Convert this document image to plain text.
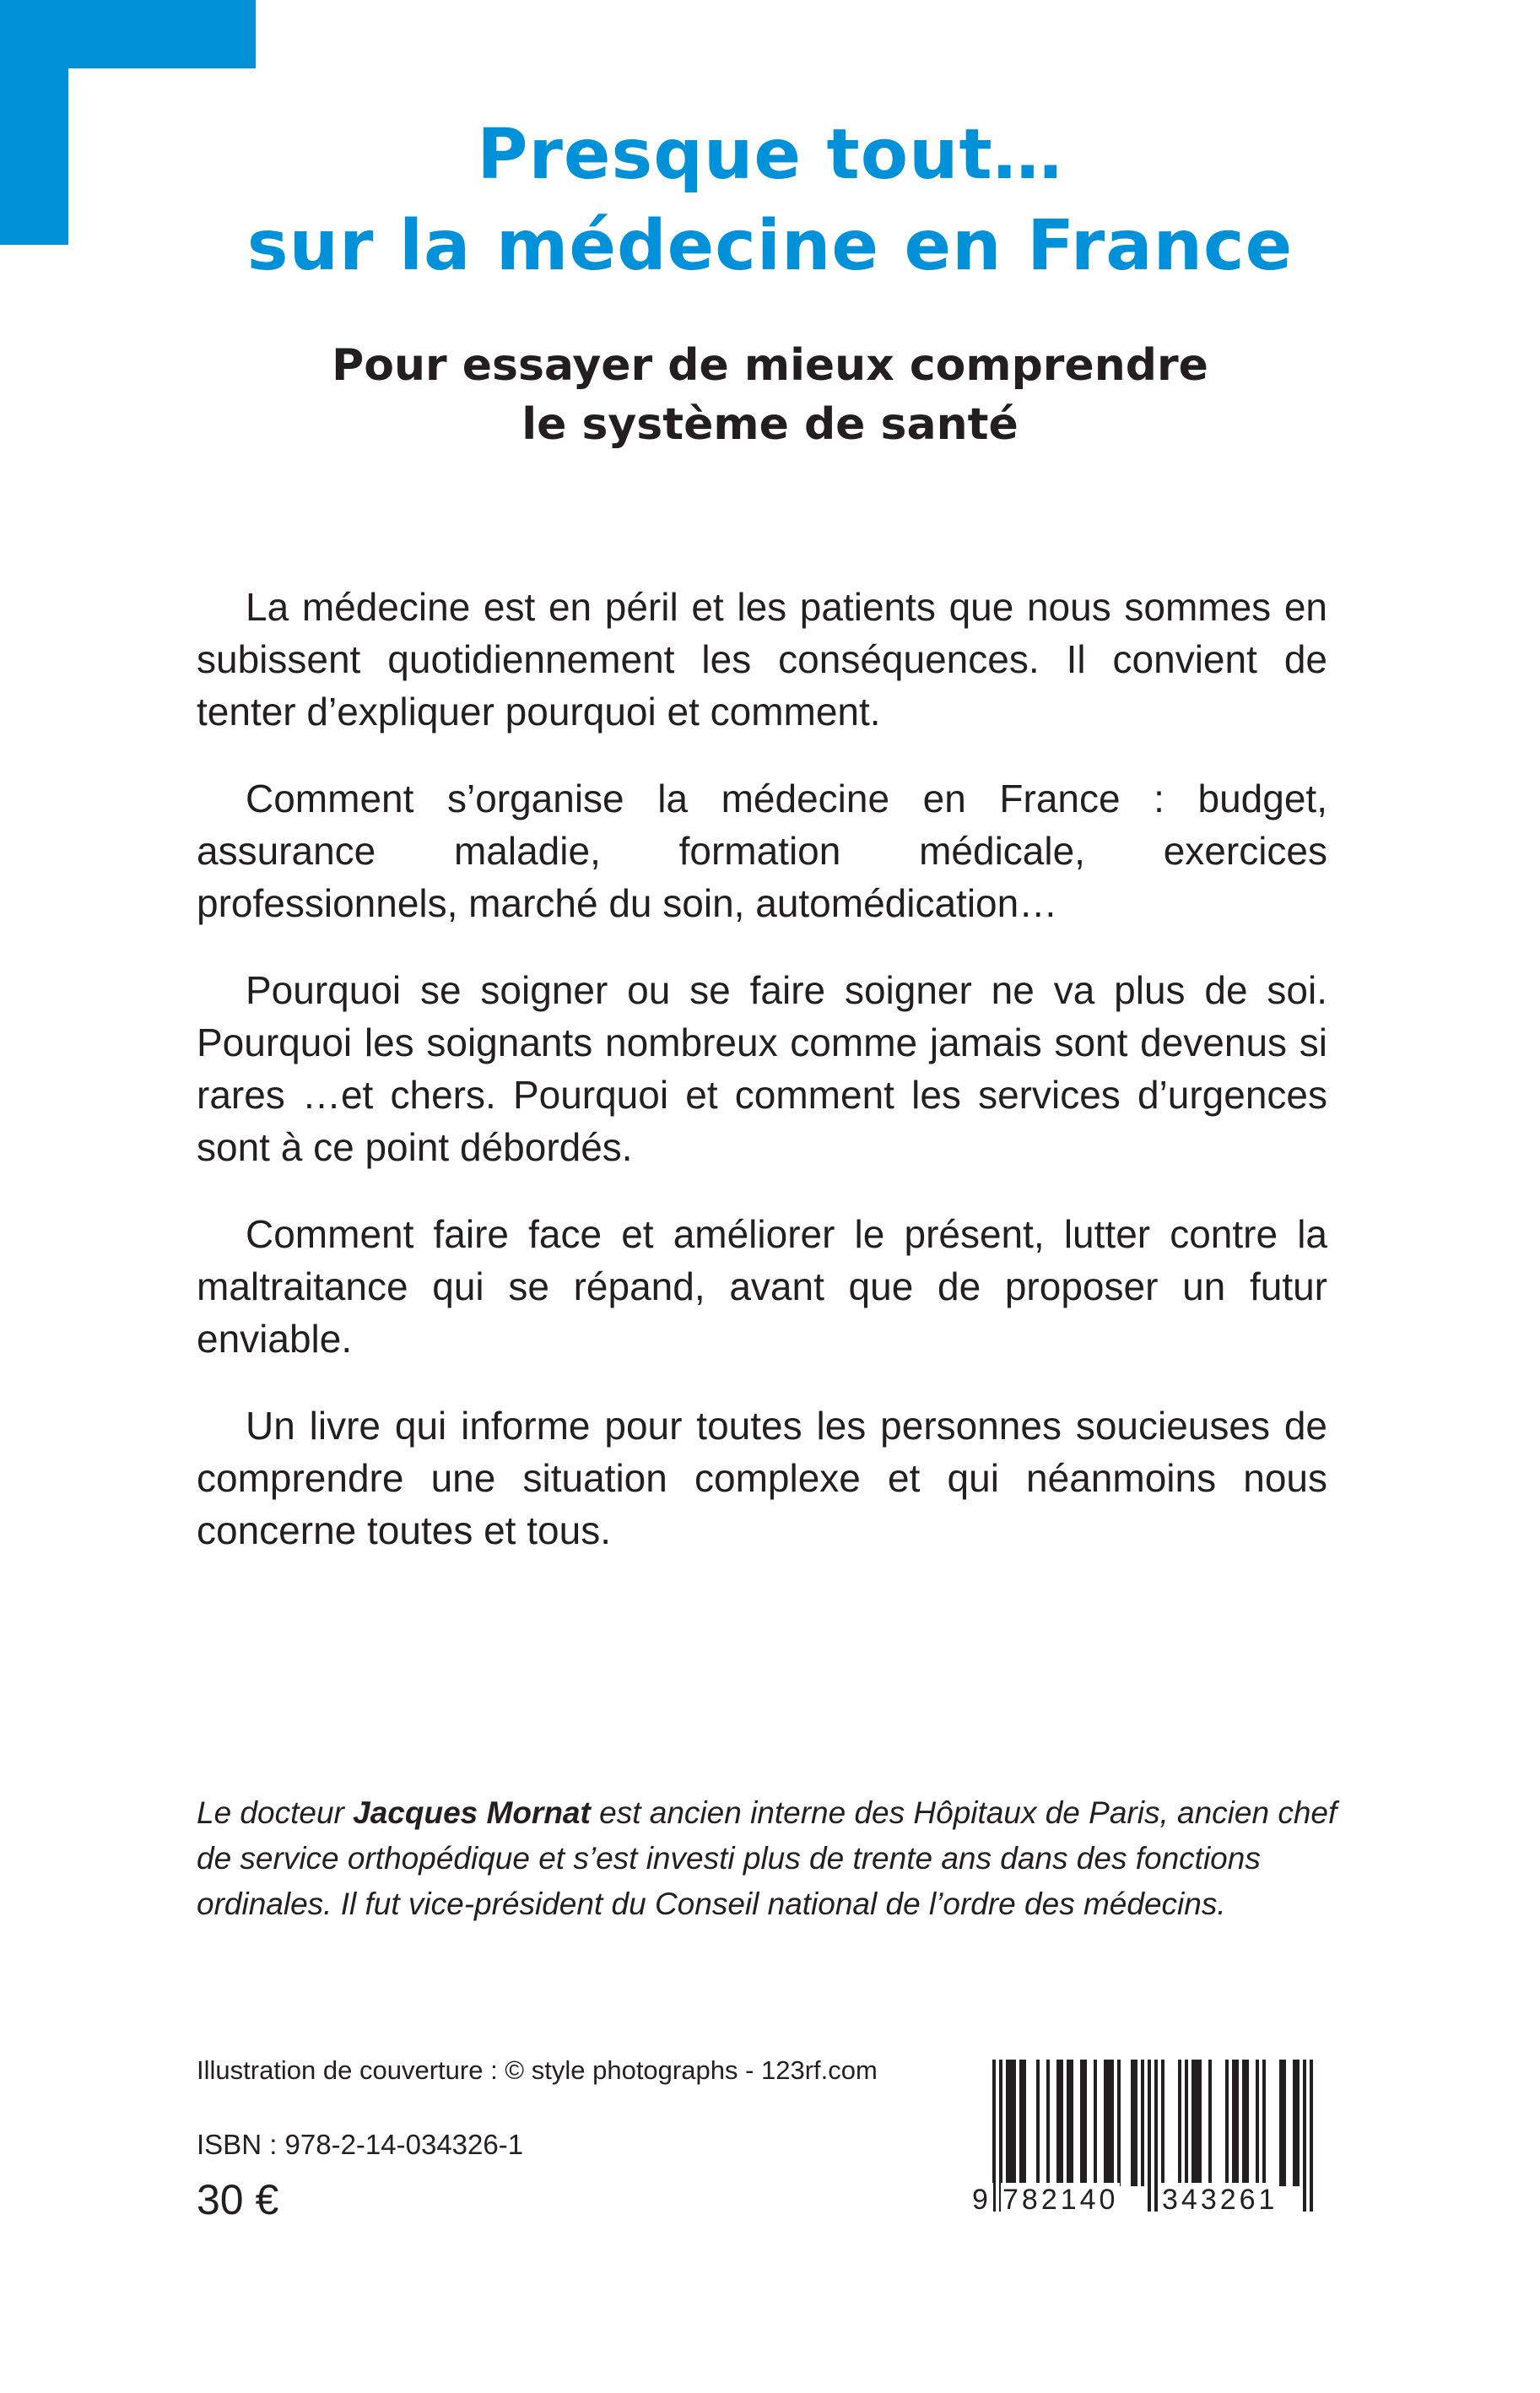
Presque tout…
sur la médecine en France
Pour essayer de mieux comprendre
le système de santé

La médecine est en péril et les patients que nous sommes en subissent quotidiennement les conséquences. Il convient de tenter d’expliquer pourquoi et comment.

Comment s’organise la médecine en France : budget, assurance maladie, formation médicale, exercices professionnels, marché du soin, automédication…

Pourquoi se soigner ou se faire soigner ne va plus de soi. Pourquoi les soignants nombreux comme jamais sont devenus si rares …et chers. Pourquoi et comment les services d’urgences sont à ce point débordés.

Comment faire face et améliorer le présent, lutter contre la maltraitance qui se répand, avant que de proposer un futur enviable.

Un livre qui informe pour toutes les personnes soucieuses de comprendre une situation complexe et qui néanmoins nous concerne toutes et tous.

Le docteur Jacques Mornat est ancien interne des Hôpitaux de Paris, ancien chef de service orthopédique et s’est investi plus de trente ans dans des fonctions ordinales. Il fut vice-président du Conseil national de l’ordre des médecins.
Illustration de couverture : © style photographs - 123rf.com
ISBN : 978-2-14-034326-1
30 €	9 782140 343261
